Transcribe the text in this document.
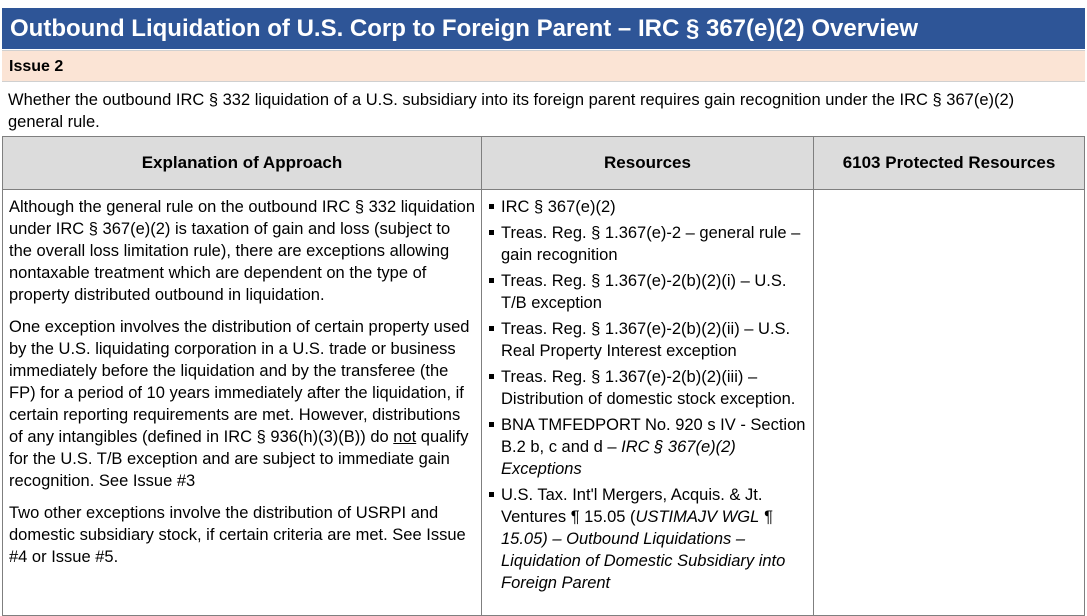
Outbound Liquidation of U.S. Corp to Foreign Parent – IRC § 367(e)(2) Overview
Issue 2
Whether the outbound IRC § 332 liquidation of a U.S. subsidiary into its foreign parent requires gain recognition under the IRC § 367(e)(2) general rule.
Explanation of Approach	Resources	6103 Protected Resources

Although the general rule on the outbound IRC § 332 liquidation under IRC § 367(e)(2) is taxation of gain and loss (subject to the overall loss limitation rule), there are exceptions allowing nontaxable treatment which are dependent on the type of property distributed outbound in liquidation.

One exception involves the distribution of certain property used by the U.S. liquidating corporation in a U.S. trade or business immediately before the liquidation and by the transferee (the FP) for a period of 10 years immediately after the liquidation, if certain reporting requirements are met. However, distributions of any intangibles (defined in IRC § 936(h)(3)(B)) do not qualify for the U.S. T/B exception and are subject to immediate gain recognition. See Issue #3

Two other exceptions involve the distribution of USRPI and domestic subsidiary stock, if certain criteria are met. See Issue #4 or Issue #5.

IRC § 367(e)(2)
Treas. Reg. § 1.367(e)-2 – general rule – gain recognition
Treas. Reg. § 1.367(e)-2(b)(2)(i) – U.S. T/B exception
Treas. Reg. § 1.367(e)-2(b)(2)(ii) – U.S. Real Property Interest exception
Treas. Reg. § 1.367(e)-2(b)(2)(iii) – Distribution of domestic stock exception.
BNA TMFEDPORT No. 920 s IV - Section B.2 b, c and d – IRC § 367(e)(2) Exceptions
U.S. Tax. Int'l Mergers, Acquis. & Jt. Ventures ¶ 15.05 (USTIMAJV WGL ¶ 15.05) – Outbound Liquidations – Liquidation of Domestic Subsidiary into Foreign Parent
